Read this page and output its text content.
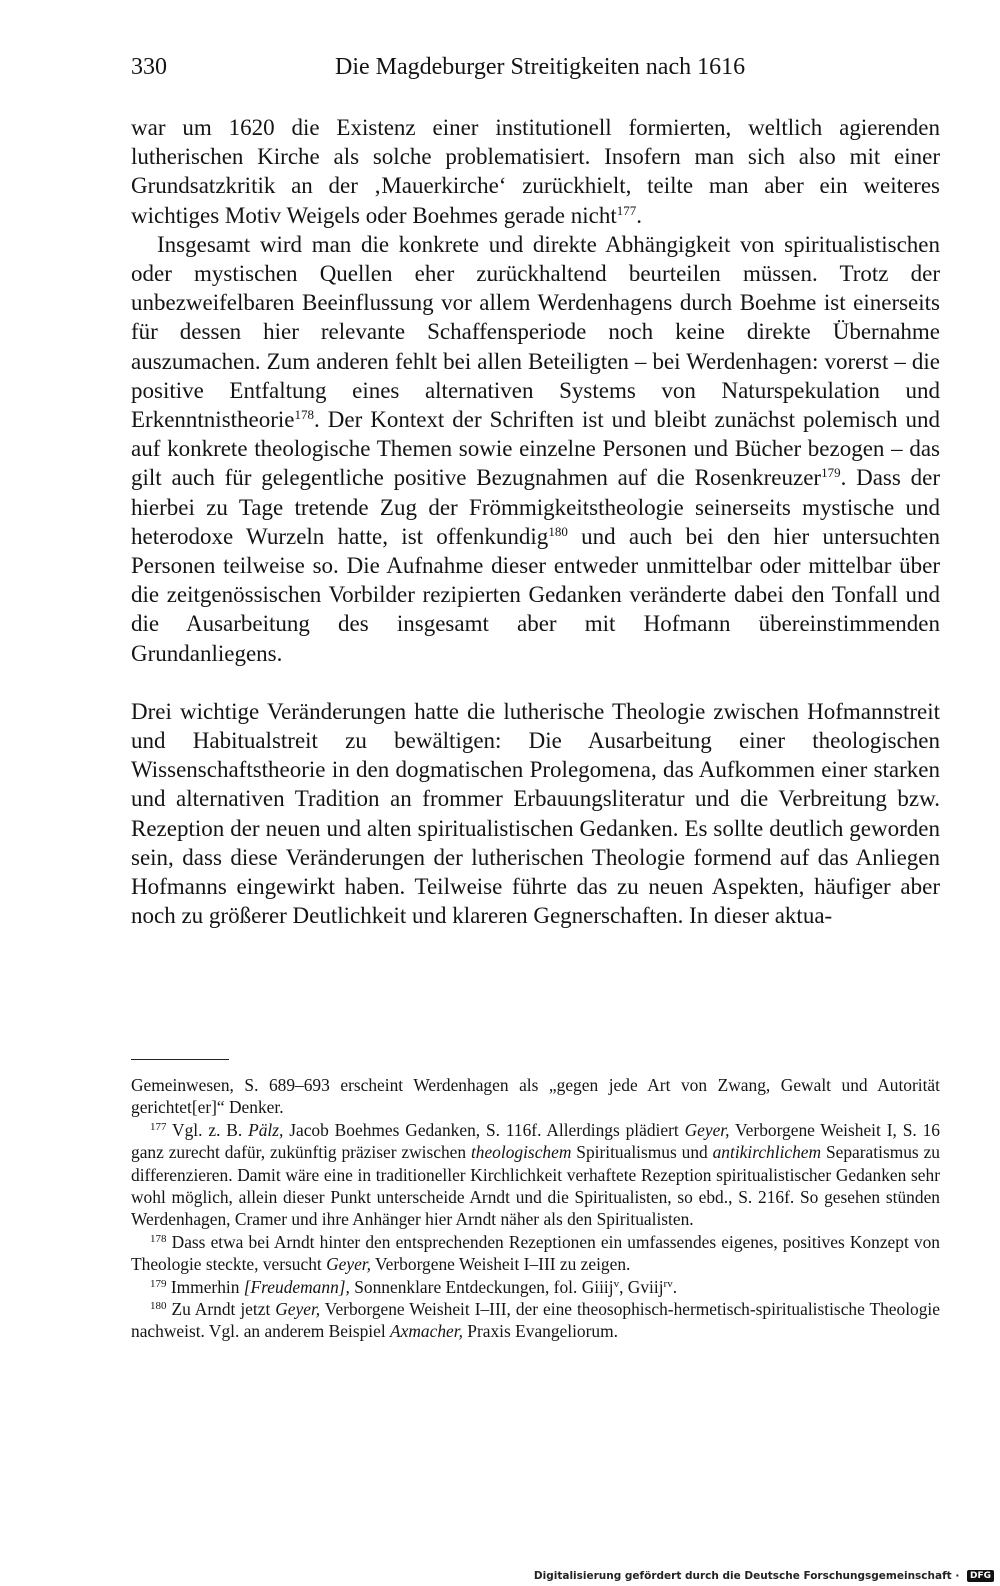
330	Die Magdeburger Streitigkeiten nach 1616

war um 1620 die Existenz einer institutionell formierten, weltlich agierenden lutherischen Kirche als solche problematisiert. Insofern man sich also mit einer Grundsatzkritik an der ‚Mauerkirche‘ zurückhielt, teilte man aber ein weiteres wichtiges Motiv Weigels oder Boehmes gerade nicht$^{177}$.

Insgesamt wird man die konkrete und direkte Abhängigkeit von spiritualistischen oder mystischen Quellen eher zurückhaltend beurteilen müssen. Trotz der unbezweifelbaren Beeinflussung vor allem Werdenhagens durch Boehme ist einerseits für dessen hier relevante Schaffensperiode noch keine direkte Übernahme auszumachen. Zum anderen fehlt bei allen Beteiligten – bei Werdenhagen: vorerst – die positive Entfaltung eines alternativen Systems von Naturspekulation und Erkenntnistheorie$^{178}$. Der Kontext der Schriften ist und bleibt zunächst polemisch und auf konkrete theologische Themen sowie einzelne Personen und Bücher bezogen – das gilt auch für gelegentliche positive Bezugnahmen auf die Rosenkreuzer$^{179}$. Dass der hierbei zu Tage tretende Zug der Frömmigkeitstheologie seinerseits mystische und heterodoxe Wurzeln hatte, ist offenkundig$^{180}$ und auch bei den hier untersuchten Personen teilweise so. Die Aufnahme dieser entweder unmittelbar oder mittelbar über die zeitgenössischen Vorbilder rezipierten Gedanken veränderte dabei den Tonfall und die Ausarbeitung des insgesamt aber mit Hofmann übereinstimmenden Grundanliegens.

Drei wichtige Veränderungen hatte die lutherische Theologie zwischen Hofmannstreit und Habitualstreit zu bewältigen: Die Ausarbeitung einer theologischen Wissenschaftstheorie in den dogmatischen Prolegomena, das Aufkommen einer starken und alternativen Tradition an frommer Erbauungsliteratur und die Verbreitung bzw. Rezeption der neuen und alten spiritualistischen Gedanken. Es sollte deutlich geworden sein, dass diese Veränderungen der lutherischen Theologie formend auf das Anliegen Hofmanns eingewirkt haben. Teilweise führte das zu neuen Aspekten, häufiger aber noch zu größerer Deutlichkeit und klareren Gegnerschaften. In dieser aktua-

Gemeinwesen, S. 689–693 erscheint Werdenhagen als „gegen jede Art von Zwang, Gewalt und Autorität gerichtet[er]“ Denker.

$^{177}$ Vgl. z. B. Pälz, Jacob Boehmes Gedanken, S. 116f. Allerdings plädiert Geyer, Verborgene Weisheit I, S. 16 ganz zurecht dafür, zukünftig präziser zwischen theologischem Spiritualismus und antikirchlichem Separatismus zu differenzieren. Damit wäre eine in traditioneller Kirchlichkeit verhaftete Rezeption spiritualistischer Gedanken sehr wohl möglich, allein dieser Punkt unterscheide Arndt und die Spiritualisten, so ebd., S. 216f. So gesehen stünden Werdenhagen, Cramer und ihre Anhänger hier Arndt näher als den Spiritualisten.

$^{178}$ Dass etwa bei Arndt hinter den entsprechenden Rezeptionen ein umfassendes eigenes, positives Konzept von Theologie steckte, versucht Geyer, Verborgene Weisheit I–III zu zeigen.

$^{179}$ Immerhin [Freudemann], Sonnenklare Entdeckungen, fol. Giiij$^v$, Gviij$^{rv}$.

$^{180}$ Zu Arndt jetzt Geyer, Verborgene Weisheit I–III, der eine theosophisch-hermetisch-spiritualistische Theologie nachweist. Vgl. an anderem Beispiel Axmacher, Praxis Evangeliorum.

Digitalisierung gefördert durch die Deutsche Forschungsgemeinschaft · DFG
